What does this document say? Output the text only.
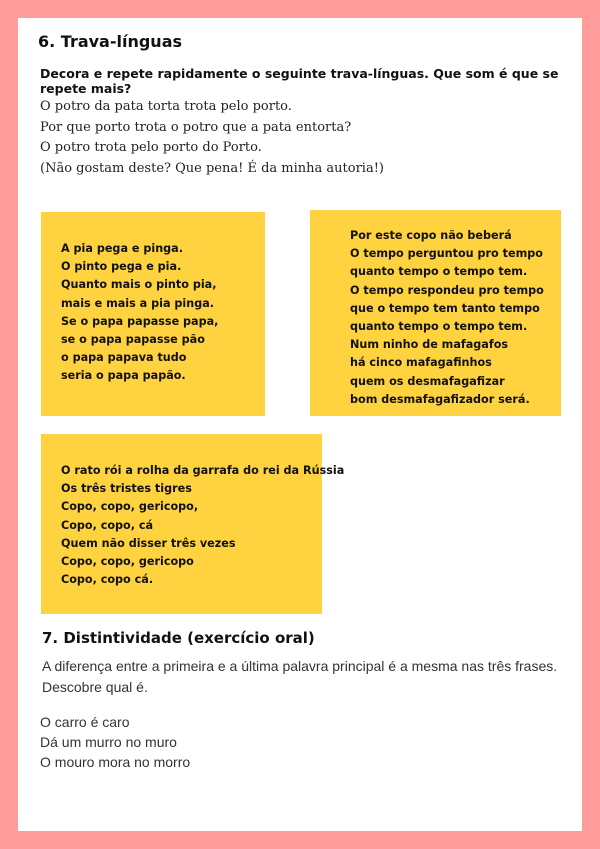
6. Trava-línguas
Decora e repete rapidamente o seguinte trava-línguas. Que som é que se repete mais?
O potro da pata torta trota pelo porto.
Por que porto trota o potro que a pata entorta?
O potro trota pelo porto do Porto.
(Não gostam deste? Que pena! É da minha autoria!)
A pia pega e pinga.
O pinto pega e pia.
Quanto mais o pinto pia,
mais e mais a pia pinga.
Se o papa papasse papa,
se o papa papasse pão
o papa papava tudo
seria o papa papão.
Por este copo não beberá
O tempo perguntou pro tempo
quanto tempo o tempo tem.
O tempo respondeu pro tempo
que o tempo tem tanto tempo
quanto tempo o tempo tem.
Num ninho de mafagafos
há cinco mafagafinhos
quem os desmafagafizar
bom desmafagafizador será.
O rato rói a rolha da garrafa do rei da Rússia
Os três tristes tigres
Copo, copo, gericopo,
Copo, copo, cá
Quem não disser três vezes
Copo, copo, gericopo
Copo, copo cá.
7. Distintividade (exercício oral)
A diferença entre a primeira e a última palavra principal é a mesma nas três frases.
Descobre qual é.
O carro é caro
Dá um murro no muro
O mouro mora no morro
